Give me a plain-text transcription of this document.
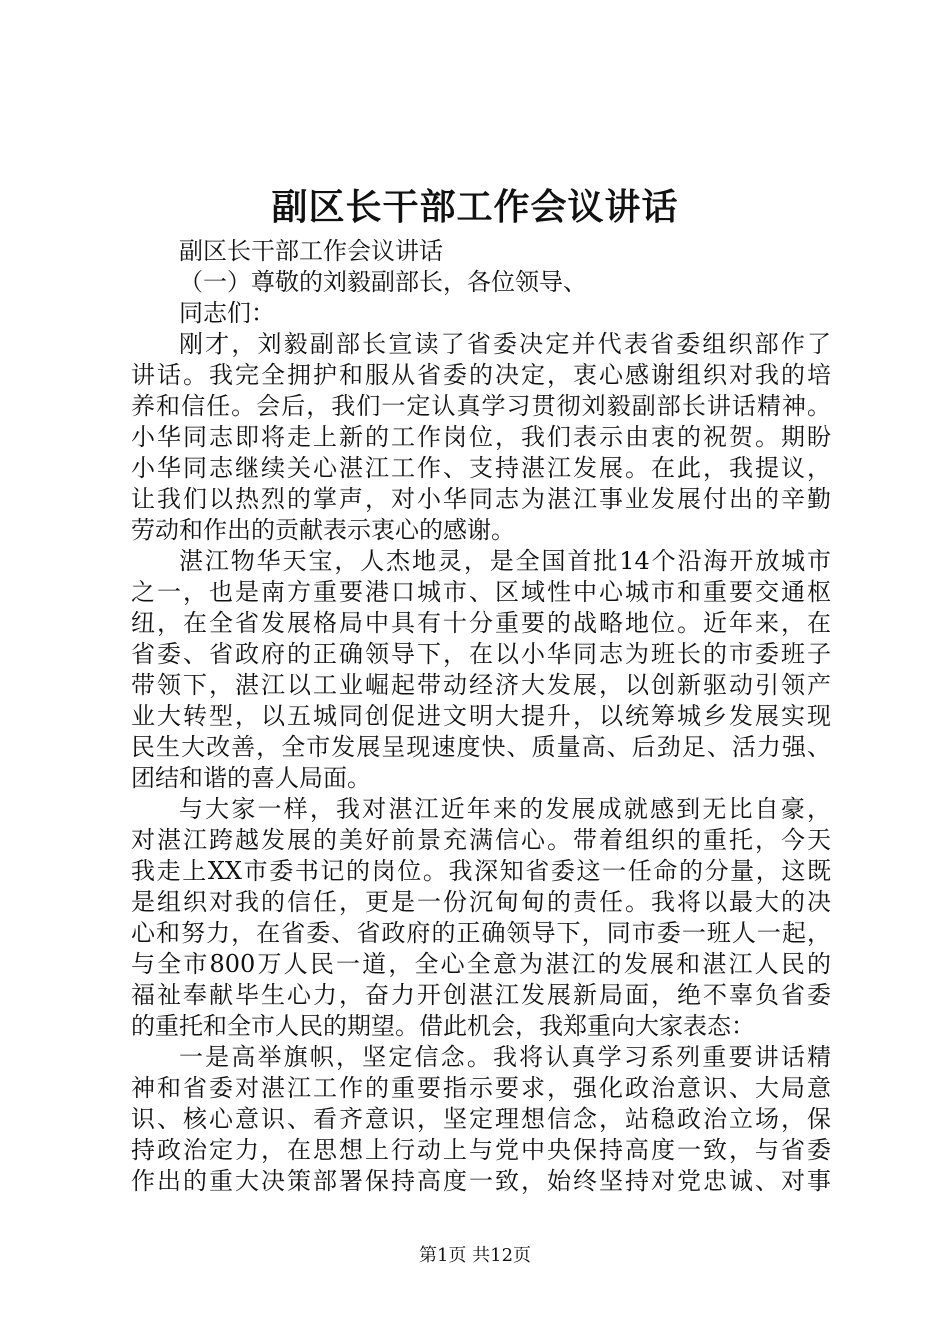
副区长干部工作会议讲话
副区长干部工作会议讲话
（一）尊敬的刘毅副部长，各位领导、
同志们：
刚才，刘毅副部长宣读了省委决定并代表省委组织部作了
讲话。我完全拥护和服从省委的决定，衷心感谢组织对我的培
养和信任。会后，我们一定认真学习贯彻刘毅副部长讲话精神。
小华同志即将走上新的工作岗位，我们表示由衷的祝贺。期盼
小华同志继续关心湛江工作、支持湛江发展。在此，我提议，
让我们以热烈的掌声，对小华同志为湛江事业发展付出的辛勤
劳动和作出的贡献表示衷心的感谢。
湛江物华天宝，人杰地灵，是全国首批14个沿海开放城市
之一，也是南方重要港口城市、区域性中心城市和重要交通枢
纽，在全省发展格局中具有十分重要的战略地位。近年来，在
省委、省政府的正确领导下，在以小华同志为班长的市委班子
带领下，湛江以工业崛起带动经济大发展，以创新驱动引领产
业大转型，以五城同创促进文明大提升，以统筹城乡发展实现
民生大改善，全市发展呈现速度快、质量高、后劲足、活力强、
团结和谐的喜人局面。
与大家一样，我对湛江近年来的发展成就感到无比自豪，
对湛江跨越发展的美好前景充满信心。带着组织的重托，今天
我走上XX市委书记的岗位。我深知省委这一任命的分量，这既
是组织对我的信任，更是一份沉甸甸的责任。我将以最大的决
心和努力，在省委、省政府的正确领导下，同市委一班人一起，
与全市800万人民一道，全心全意为湛江的发展和湛江人民的
福祉奉献毕生心力，奋力开创湛江发展新局面，绝不辜负省委
的重托和全市人民的期望。借此机会，我郑重向大家表态：
一是高举旗帜，坚定信念。我将认真学习系列重要讲话精
神和省委对湛江工作的重要指示要求，强化政治意识、大局意
识、核心意识、看齐意识，坚定理想信念，站稳政治立场，保
持政治定力，在思想上行动上与党中央保持高度一致，与省委
作出的重大决策部署保持高度一致，始终坚持对党忠诚、对事
第1页 共12页
